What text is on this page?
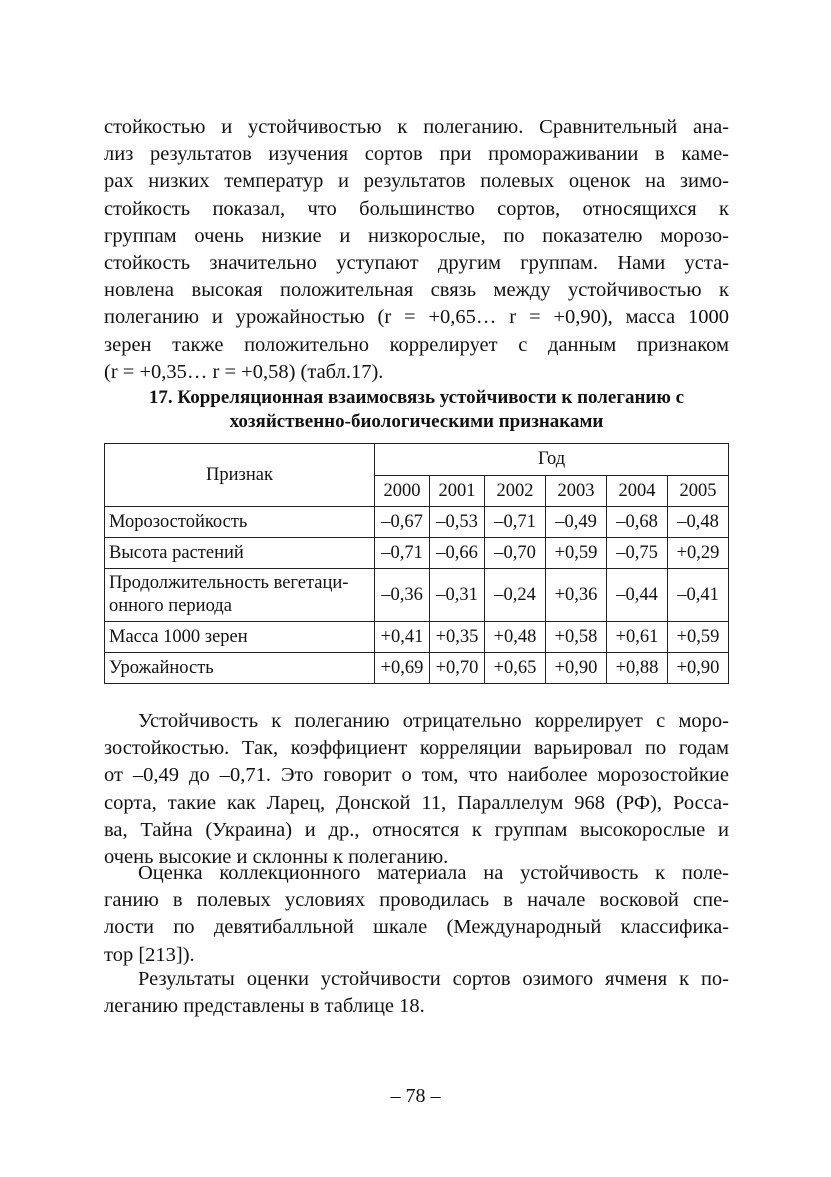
стойкостью и устойчивостью к полеганию. Сравнительный ана-
лиз результатов изучения сортов при промораживании в каме-
рах низких температур и результатов полевых оценок на зимо-
стойкость показал, что большинство сортов, относящихся к
группам очень низкие и низкорослые, по показателю морозо-
стойкость значительно уступают другим группам. Нами уста-
новлена высокая положительная связь между устойчивостью к
полеганию и урожайностью (r = +0,65… r = +0,90), масса 1000
зерен также положительно коррелирует с данным признаком
(r = +0,35… r = +0,58) (табл.17).
17. Корреляционная взаимосвязь устойчивости к полеганию с
хозяйственно-биологическими признаками
Признак	Год					
	2000	2001	2002	2003	2004	2005
Морозостойкость	–0,67	–0,53	–0,71	–0,49	–0,68	–0,48
Высота растений	–0,71	–0,66	–0,70	+0,59	–0,75	+0,29
Продолжительность вегетаци-онного периода	–0,36	–0,31	–0,24	+0,36	–0,44	–0,41
Масса 1000 зерен	+0,41	+0,35	+0,48	+0,58	+0,61	+0,59
Урожайность	+0,69	+0,70	+0,65	+0,90	+0,88	+0,90
Устойчивость к полеганию отрицательно коррелирует с моро-
зостойкостью. Так, коэффициент корреляции варьировал по годам
от –0,49 до –0,71. Это говорит о том, что наиболее морозостойкие
сорта, такие как Ларец, Донской 11, Параллелум 968 (РФ), Росса-
ва, Тайна (Украина) и др., относятся к группам высокорослые и
очень высокие и склонны к полеганию.
Оценка коллекционного материала на устойчивость к поле-
ганию в полевых условиях проводилась в начале восковой спе-
лости по девятибалльной шкале (Международный классифика-
тор [213]).
Результаты оценки устойчивости сортов озимого ячменя к по-
леганию представлены в таблице 18.
– 78 –
